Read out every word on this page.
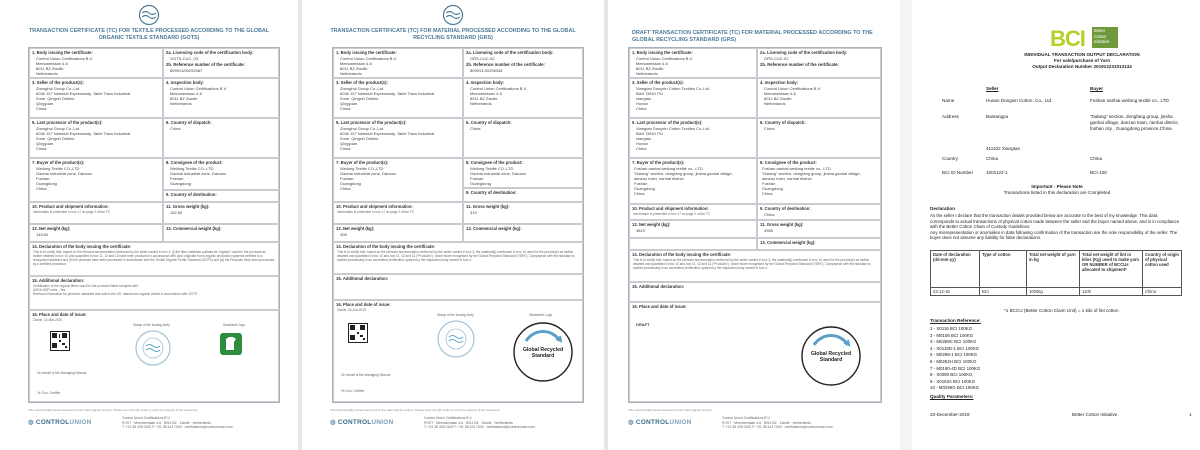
TRANSACTION CERTIFICATE (TC) FOR TEXTILE PROCESSED ACCORDING TO THE GLOBAL ORGANIC TEXTILE STANDARD (GOTS)
1. Body issuing the certificate:
Control Union Certifications B.V.
Meeuwenlaan 4-6
8011 BZ Zwolle
Netherlands
2a. Licensing code of the certification body:
GOTS-CUC_03
2b. Reference number of the certificate:
809913/00292087
3. Seller of the product(s):
Zhonghui Group Co.,Ltd.
603# 107 National Expressway, Taihe Town Industrial
Zone, Qingxin District
Qingyuan
China
4. Inspection body:
Control Union Certifications B.V.
Meeuwenlaan 4-6
8011 BZ Zwolle
Netherlands
5. Last processor of the product(s):
Zhonghui Group Co.,Ltd.
603# 107 National Expressway, Taihe Town Industrial
Zone, Qingxin District
Qingyuan
China
6. Country of dispatch:
China
7. Buyer of the product(s):
Weilong Textile CO.,LTD
Gaohai industrial zone, Danzao
Foshan
Guangdong
China
8. Consignee of the product:
Weilong Textile CO.,LTD
Gaohai industrial zone, Danzao
Foshan
Guangdong
9. Country of destination:
10. Product and shipment information:
Information is presented in box 17 on page 2 of the TC
11. Gross weight (kg):
152.50
12. Net weight (kg):
149.50
13. Commercial weight (kg):
14. Declaration of the body issuing the certificate:
This is to certify that, based on the relevant documentation delivered by the seller named in box 3, (i) the fibre materials outlined as “organic” used for the products as further detailed in box 10 and quantified in box 11, 12 and 13 have been produced in accordance with (and originate from) organic production systems certified to a recognised standard and (ii) the products have been processed in accordance with the Global Organic Textile Standard (GOTS) and (iii) the Products have been processed by a certified processor.
15. Additional declaration:
Certification of the organic fibres used for the products listed complies with:
USDA NOP rules - Yes
Relevant information for products marketed and sold in the US: natural and organic claims in accordance with GOTS
16. Place and date of issue:
Zwolle, 10-Mar-2020
Stamp of the issuing body	Standard's logo
On behalf of the Managing Director
Ye Guo, Certifier
This electronically issued document is the valid original version. Please scan the QR-code to verify the integrity of the document.
◍ CONTROLUNION
Control Union Certifications B.V.
POST · Meeuwenlaan 4-6 · 8011 BZ · Zwolle · Netherlands
T: +31 38 426 0100 F: +31 38 423 7040 · certifications@controlunion.com
TRANSACTION CERTIFICATE (TC) FOR MATERIAL PROCESSED ACCORDING TO THE GLOBAL RECYCLING STANDARD (GRS)
1. Body issuing the certificate:
Control Union Certifications B.V.
Meeuwenlaan 4-6
8011 BZ Zwolle
Netherlands
2a. Licensing code of the certification body:
GRS-CUC-02
2b. Reference number of the certificate:
809913-00256346
3. Seller of the product(s):
Zhonghui Group Co.,Ltd.
603# 107 National Expressway, Taihe Town Industrial
Zone, Qingxin District
Qingyuan
China
4. Inspection body:
Control Union Certifications B.V.
Meeuwenlaan 4-6
8011 BZ Zwolle
Netherlands
5. Last processor of the product(s):
Zhonghui Group Co.,Ltd.
603# 107 National Expressway, Taihe Town Industrial
Zone, Qingxin District
Qingyuan
China
6. Country of dispatch:
China
7. Buyer of the product(s):
Weilong Textile CO.,LTD
Gaohai industrial zone, Danzao
Foshan
Guangdong
China
8. Consignee of the product:
Weilong Textile CO.,LTD
Gaohai industrial zone, Danzao
Foshan
Guangdong
9. Country of destination:
10. Product and shipment information:
Information is presented in box 17 on page 2 of the TC
11. Gross weight (kg):
315
12. Net weight (kg):
308
13. Commercial weight (kg):
14. Declaration of the body issuing the certificate:
This is to certify that, based on the relevant documentation delivered by the seller named in box 3, the material(s) mentioned in box 10 used for the product(s) as further detailed and quantified in box 10 and box 11, 12 and 13 (“Products”), which is/are recognised by the Global Recycled Standard (“GRS”). Compliance with the standard is audited periodically in an accredited certification system by the inspection body named in box 4.
15. Additional declaration:
16. Place and date of issue:
Zwolle, 04-Jun-2019
Stamp of the issuing body	Standard's Logo
Global Recycled
Standard
On behalf of the Managing Director
Ye Guo, Certifier
This electronically issued document is the valid original version. Please scan the QR-code to verify the integrity of the document.
◍ CONTROLUNION
Control Union Certifications B.V.
POST · Meeuwenlaan 4-6 · 8011 BZ · Zwolle · Netherlands
T: +31 38 426 0100 F: +31 38 423 7040 · certifications@controlunion.com
DRAFT TRANSACTION CERTIFICATE (TC) FOR MATERIAL PROCESSED ACCORDING TO THE GLOBAL RECYCLING STANDARD (GRS)
1. Body issuing the certificate:
Control Union Certifications B.V.
Meeuwenlaan 4-6
8011 BZ Zwolle
Netherlands
2a. Licensing code of the certification body:
GRS-CUC-02
2b. Reference number of the certificate:
3. Seller of the product(s):
Xiangtan Dongxin Cotton Textiles Co.,Ltd.
BAN TANG PU
xiangtan
Hunan
China
4. Inspection body:
Control Union Certifications B.V.
Meeuwenlaan 4-6
8011 BZ Zwolle
Netherlands
5. Last processor of the product(s):
Xiangtan Dongxin Cotton Textiles Co.,Ltd.
BAN TANG PU
xiangtan
Hunan
China
6. Country of dispatch:
China
7. Buyer of the product(s):
Foshan nanhai weilong textile co., LTD
“Dalang” section, dongfang group, jinsha gaohai village,
danzao town, nanhai district
Foshan
Guangdong
China
8. Consignee of the product:
Foshan nanhai weilong textile co., LTD
“Dalang” section, dongfang group, jinsha gaohai village,
danzao town, nanhai district
Foshan
Guangdong
China
9. Country of destination:
China
10. Product and shipment information:
Information is presented in box 17 on page 2 of the TC
11. Gross weight (kg):
3965
12. Net weight (kg):
3819
13. Commercial weight (kg):
14. Declaration of the body issuing the certificate:
This is to certify that, based on the relevant documentation delivered by the seller named in box 3, the material(s) mentioned in box 10 used for the product(s) as further detailed and quantified in box 10 and box 11, 12 and 13 (“Products”), which is/are recognised by the Global Recycled Standard (“GRS”). Compliance with the standard is audited periodically in an accredited certification system by the inspection body named in box 4.
15. Additional declaration:
16. Place and date of issue:
DRAFT
Global Recycled
Standard
This electronically issued document is the valid original version.
◍ CONTROLUNION
Control Union Certifications B.V.
POST · Meeuwenlaan 4-6 · 8011 BZ · Zwolle · Netherlands
T: +31 38 426 0100 F: +31 38 423 7040 · certifications@controlunion.com
BCI	Better
Cotton
Initiative
INDIVIDUAL TRANSACTION OUTPUT DECLARATION
For sale/purchase of Yarn
Output Declaration Number 201912231013134
Seller	Buyer
Name	Hunan Dongxin Cotton. Co., Ltd	Foshan nanhai weilong textile co., LTD
Address	Bantangpu	“Dalang” section, dongfang group, jinsha gaohai village, danzao town, nanhai district, foshan city , Guangdong province,China
411102 Xiangtan
Country	China	China
BCI ID Number	1001122-1	BCI-100
Important - Please Note
Transactions listed in this declaration are Completed
Declaration
As the seller I declare that the transaction details provided below are accurate to the best of my knowledge. This data corresponds to actual transactions of physical cotton made between the seller and the buyer named above, and is in compliance with the Better Cotton Chain of Custody Guidelines.
Any misrepresentation or anomalies in data following confirmation of the transaction are the sole responsibility of the seller. The buyer does not assume any liability for false declarations.
Date of declaration (dd-mm-yy)	Type of cotton	Total net weight of yarn in kg	Total net weight of lint in kilos (Kg) used to make yarn OR NUMBER of BCCUs allocated to shipment*	Country of origin of physical cotton used
23-12-19	BCI	1000kg	1100	China
*1 BCCU (Better Cotton Claim Unit) = 1 kilo of lint cotton
Transaction Reference:
1 - X0116 BCI 100KG
2 - M0106 BCI 100KG
3 - M0289C BCI 100KG
4 - X0119D-1 BCI 100KG
5 - M0298-1 BCI 100KG
6 - M0262H BCI 100KG
7 - M0190-4D BCI 100KG
8 - X0090 BCI 100KG
9 - X0153A BCI 100KG
10 - M0296G BCI 100KG
Quality Parameters:
23-December-2019	Better Cotton Initiative	1
